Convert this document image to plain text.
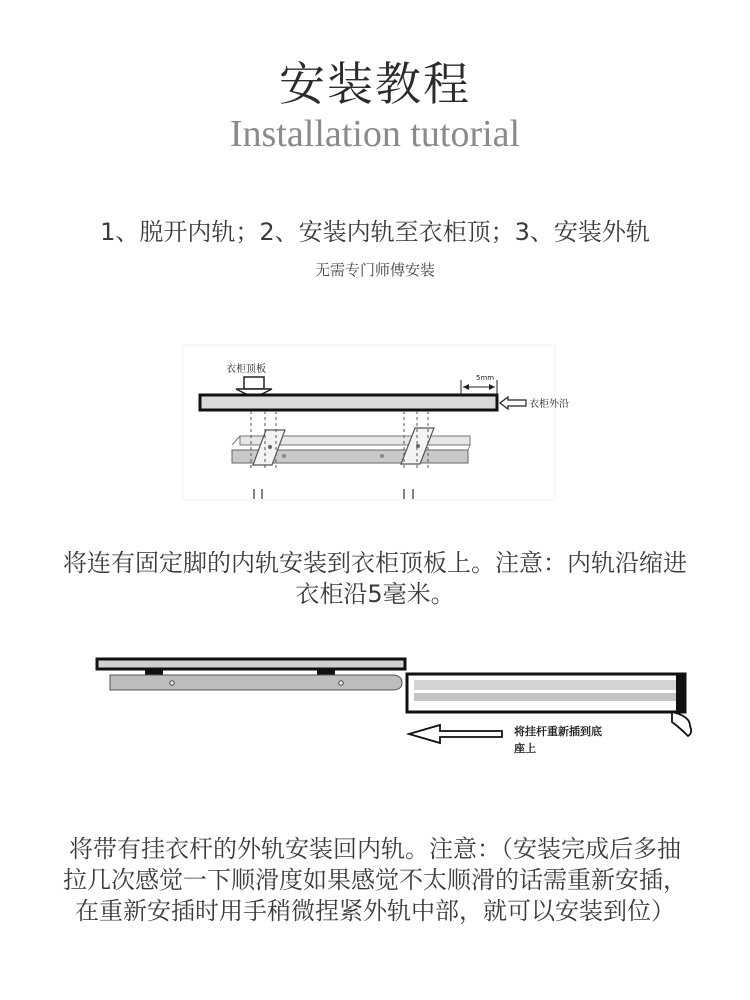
安装教程
Installation tutorial
1、脱开内轨；2、安装内轨至衣柜顶；3、安装外轨
无需专门师傅安装
衣柜顶板
5mm
衣柜外沿
将连有固定脚的内轨安装到衣柜顶板上。注意：内轨沿缩进
衣柜沿5毫米。
将挂杆重新插到底
座上
将带有挂衣杆的外轨安装回内轨。注意：（安装完成后多抽
拉几次感觉一下顺滑度如果感觉不太顺滑的话需重新安插，
在重新安插时用手稍微捏紧外轨中部，就可以安装到位）
